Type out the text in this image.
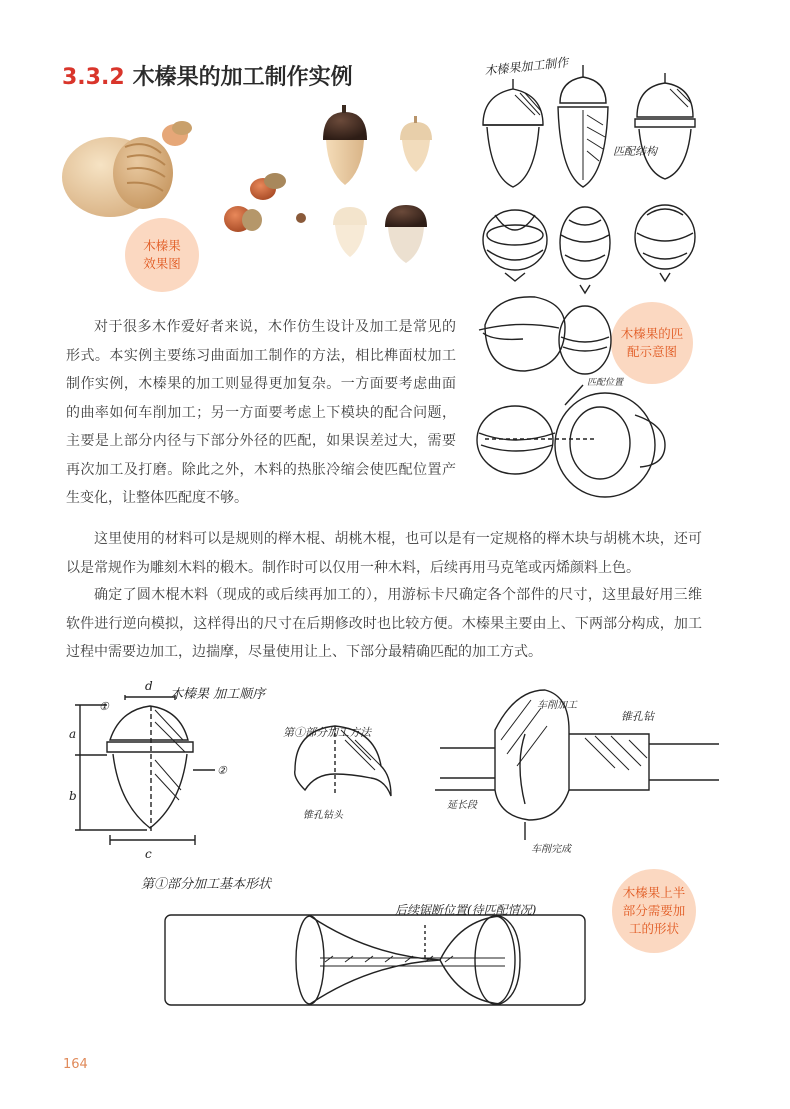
3.3.2 木榛果的加工制作实例
木榛果
效果图
木榛果的匹
配示意图
木榛果上半
部分需要加
工的形状
木榛果加工制作
匹配结构
匹配位置
对于很多木作爱好者来说，木作仿生设计及加工是常见的形式。本实例主要练习曲面加工制作的方法，相比榫面杖加工制作实例，木榛果的加工则显得更加复杂。一方面要考虑曲面的曲率如何车削加工；另一方面要考虑上下模块的配合问题，主要是上部分内径与下部分外径的匹配，如果误差过大，需要再次加工及打磨。除此之外，木料的热胀冷缩会使匹配位置产生变化，让整体匹配度不够。
这里使用的材料可以是规则的榉木棍、胡桃木棍，也可以是有一定规格的榉木块与胡桃木块，还可以是常规作为雕刻木料的椴木。制作时可以仅用一种木料，后续再用马克笔或丙烯颜料上色。
确定了圆木棍木料（现成的或后续再加工的），用游标卡尺确定各个部件的尺寸，这里最好用三维软件进行逆向模拟，这样得出的尺寸在后期修改时也比较方便。木榛果主要由上、下两部分构成，加工过程中需要边加工，边揣摩，尽量使用让上、下部分最精确匹配的加工方式。
木榛果 加工顺序
a
b
c
d
①
②
第①部分加工方法
锥孔钻头
车削加工
锥孔钻
延长段
车削完成
第①部分加工基本形状
后续锯断位置(待匹配情况)
164
